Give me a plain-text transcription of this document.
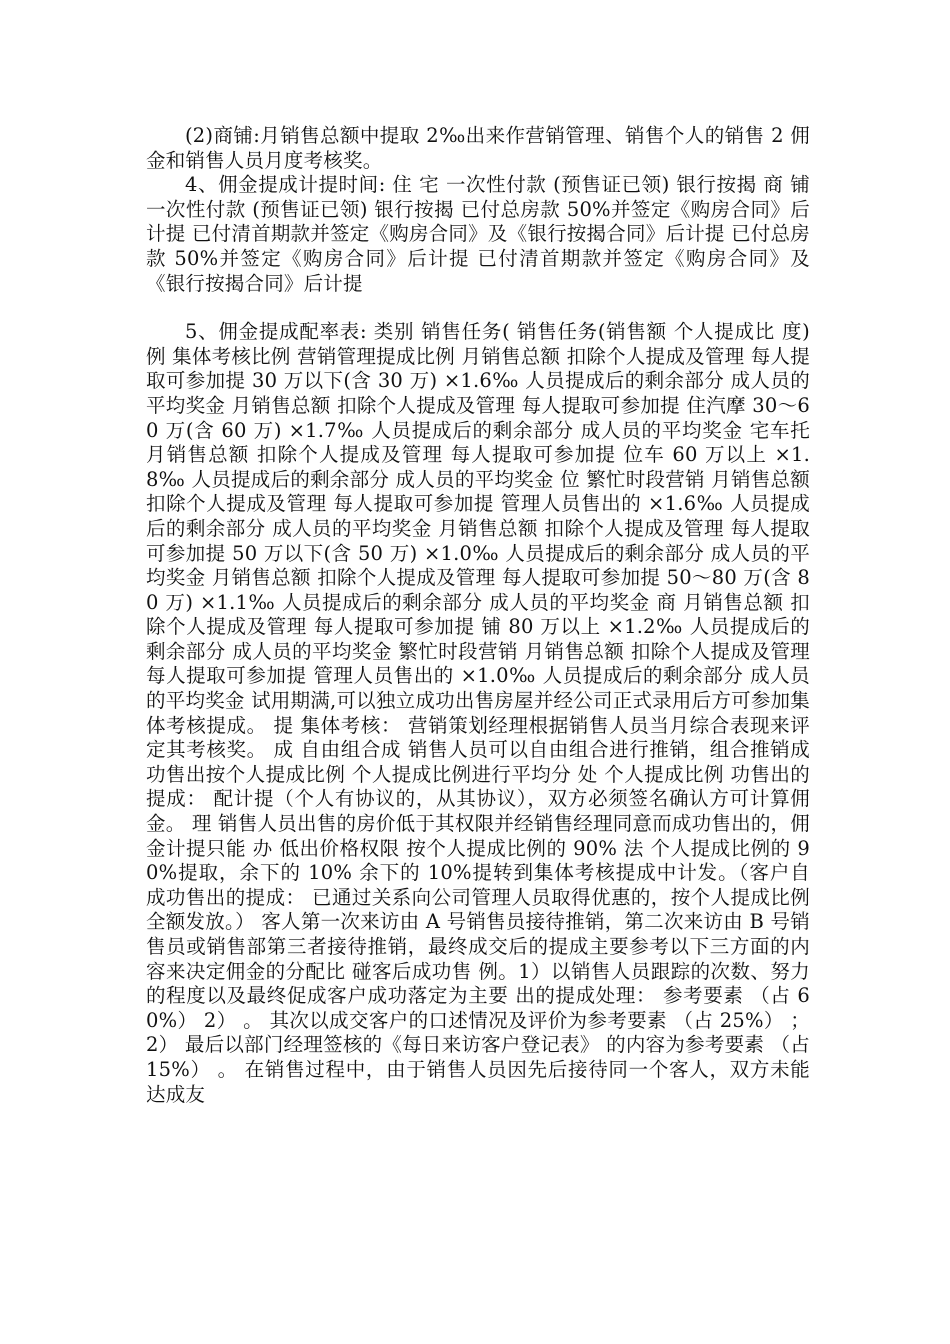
(2)商铺:月销售总额中提取 2‰出来作营销管理、销售个人的销售 2 佣金和销售人员月度考核奖。

4、佣金提成计提时间: 住 宅 一次性付款 (预售证已领) 银行按揭 商 铺 一次性付款 (预售证已领) 银行按揭 已付总房款 50%并签定《购房合同》后计提 已付清首期款并签定《购房合同》及《银行按揭合同》后计提 已付总房款 50%并签定《购房合同》后计提 已付清首期款并签定《购房合同》及《银行按揭合同》后计提

5、佣金提成配率表: 类别 销售任务( 销售任务(销售额 个人提成比 度) 例 集体考核比例 营销管理提成比例 月销售总额 扣除个人提成及管理 每人提取可参加提 30 万以下(含 30 万) ×1.6‰ 人员提成后的剩余部分 成人员的平均奖金 月销售总额 扣除个人提成及管理 每人提取可参加提 住汽摩 30～60 万(含 60 万) ×1.7‰ 人员提成后的剩余部分 成人员的平均奖金 宅车托 月销售总额 扣除个人提成及管理 每人提取可参加提 位车 60 万以上 ×1.8‰ 人员提成后的剩余部分 成人员的平均奖金 位 繁忙时段营销 月销售总额 扣除个人提成及管理 每人提取可参加提 管理人员售出的 ×1.6‰ 人员提成后的剩余部分 成人员的平均奖金 月销售总额 扣除个人提成及管理 每人提取可参加提 50 万以下(含 50 万) ×1.0‰ 人员提成后的剩余部分 成人员的平均奖金 月销售总额 扣除个人提成及管理 每人提取可参加提 50～80 万(含 80 万) ×1.1‰ 人员提成后的剩余部分 成人员的平均奖金 商 月销售总额 扣除个人提成及管理 每人提取可参加提 铺 80 万以上 ×1.2‰ 人员提成后的剩余部分 成人员的平均奖金 繁忙时段营销 月销售总额 扣除个人提成及管理 每人提取可参加提 管理人员售出的 ×1.0‰ 人员提成后的剩余部分 成人员的平均奖金 试用期满,可以独立成功出售房屋并经公司正式录用后方可参加集体考核提成。 提 集体考核： 营销策划经理根据销售人员当月综合表现来评定其考核奖。 成 自由组合成 销售人员可以自由组合进行推销，组合推销成功售出按个人提成比例 个人提成比例进行平均分 处 个人提成比例 功售出的提成： 配计提（个人有协议的，从其协议），双方必须签名确认方可计算佣金。 理 销售人员出售的房价低于其权限并经销售经理同意而成功售出的，佣金计提只能 办 低出价格权限 按个人提成比例的 90% 法 个人提成比例的 90%提取，余下的 10% 余下的 10%提转到集体考核提成中计发。（客户自 成功售出的提成： 已通过关系向公司管理人员取得优惠的，按个人提成比例全额发放。） 客人第一次来访由 A 号销售员接待推销，第二次来访由 B 号销售员或销售部第三者接待推销，最终成交后的提成主要参考以下三方面的内容来决定佣金的分配比 碰客后成功售 例。1）以销售人员跟踪的次数、努力的程度以及最终促成客户成功落定为主要 出的提成处理： 参考要素 （占 60%） 2） 。 其次以成交客户的口述情况及评价为参考要素 （占 25%） ； 2） 最后以部门经理签核的《每日来访客户登记表》 的内容为参考要素 （占 15%） 。 在销售过程中，由于销售人员因先后接待同一个客人，双方未能达成友
